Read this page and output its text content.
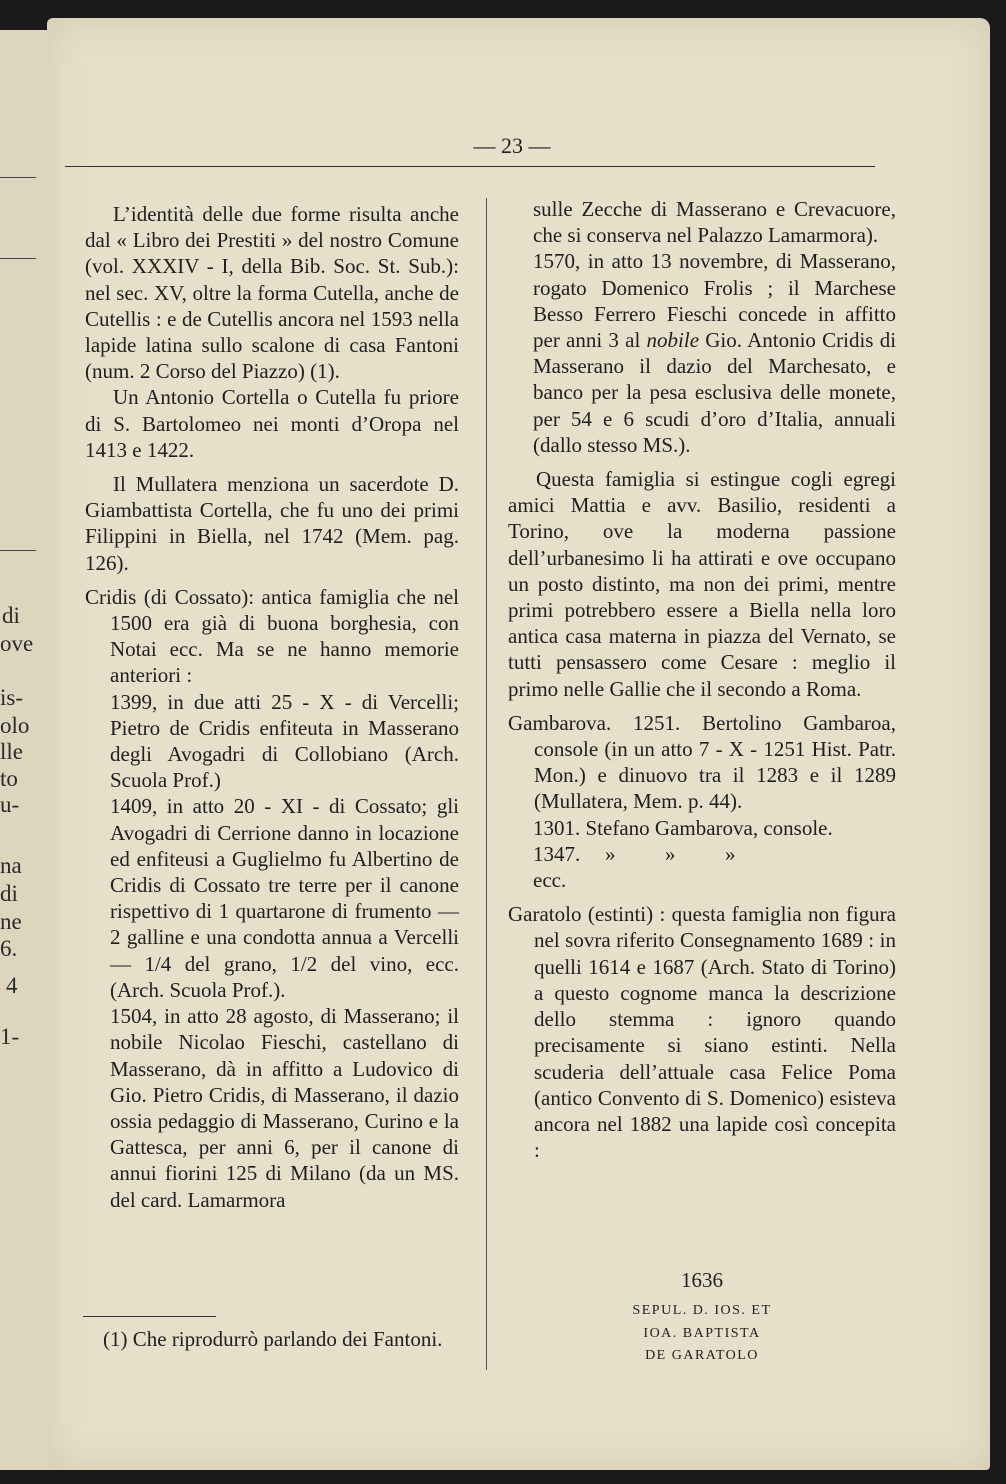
di
ove
is-
olo
lle
to
u-
na
di
ne
6.
4
1-
— 23 —

L’identità delle due forme risulta anche dal « Libro dei Prestiti » del nostro Comune (vol. XXXIV - I, della Bib. Soc. St. Sub.): nel sec. XV, oltre la forma Cutella, anche de Cutellis : e de Cutellis ancora nel 1593 nella lapide latina sullo scalone di casa Fantoni (num. 2 Corso del Piazzo) (1).

Un Antonio Cortella o Cutella fu priore di S. Bartolomeo nei monti d’Oropa nel 1413 e 1422.

Il Mullatera menziona un sacerdote D. Giambattista Cortella, che fu uno dei primi Filippini in Biella, nel 1742 (Mem. pag. 126).

Cridis (di Cossato): antica famiglia che nel 1500 era già di buona borghesia, con Notai ecc. Ma se ne hanno memorie anteriori :

1399, in due atti 25 - X - di Vercelli; Pietro de Cridis enfiteuta in Masserano degli Avogadri di Collobiano (Arch. Scuola Prof.)

1409, in atto 20 - XI - di Cossato; gli Avogadri di Cerrione danno in locazione ed enfiteusi a Guglielmo fu Albertino de Cridis di Cossato tre terre per il canone rispettivo di 1 quartarone di frumento — 2 galline e una condotta annua a Vercelli — 1/4 del grano, 1/2 del vino, ecc. (Arch. Scuola Prof.).

1504, in atto 28 agosto, di Masserano; il nobile Nicolao Fieschi, castellano di Masserano, dà in affitto a Ludovico di Gio. Pietro Cridis, di Masserano, il dazio ossia pedaggio di Masserano, Curino e la Gattesca, per anni 6, per il canone di annui fiorini 125 di Milano (da un MS. del card. Lamarmora

(1) Che riprodurrò parlando dei Fantoni.

sulle Zecche di Masserano e Crevacuore, che si conserva nel Palazzo Lamarmora).

1570, in atto 13 novembre, di Masserano, rogato Domenico Frolis ; il Marchese Besso Ferrero Fieschi concede in affitto per anni 3 al nobile Gio. Antonio Cridis di Masserano il dazio del Marchesato, e banco per la pesa esclusiva delle monete, per 54 e 6 scudi d’oro d’Italia, annuali (dallo stesso MS.).

Questa famiglia si estingue cogli egregi amici Mattia e avv. Basilio, residenti a Torino, ove la moderna passione dell’urbanesimo li ha attirati e ove occupano un posto distinto, ma non dei primi, mentre primi potrebbero essere a Biella nella loro antica casa materna in piazza del Vernato, se tutti pensassero come Cesare : meglio il primo nelle Gallie che il secondo a Roma.

Gambarova. 1251. Bertolino Gambaroa, console (in un atto 7 - X - 1251 Hist. Patr. Mon.) e dinuovo tra il 1283 e il 1289 (Mullatera, Mem. p. 44).

1301. Stefano Gambarova, console.

1347. » » »

ecc.

Garatolo (estinti) : questa famiglia non figura nel sovra riferito Consegnamento 1689 : in quelli 1614 e 1687 (Arch. Stato di Torino) a questo cognome manca la descrizione dello stemma : ignoro quando precisamente si siano estinti. Nella scuderia dell’attuale casa Felice Poma (antico Convento di S. Domenico) esisteva ancora nel 1882 una lapide così concepita :

1636
SEPUL. D. IOS. ET
IOA. BAPTISTA
DE GARATOLO
